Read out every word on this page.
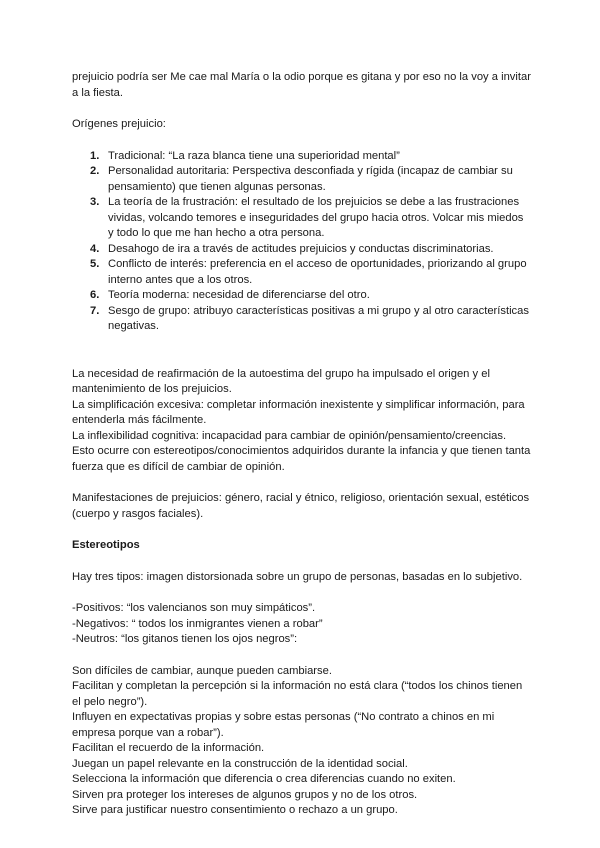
prejuicio podría ser Me cae mal María o la odio porque es gitana y por eso no la voy a invitar

a la fiesta.

Orígenes prejuicio:

1. Tradicional: “La raza blanca tiene una superioridad mental”
2. Personalidad autoritaria: Perspectiva desconfiada y rígida (incapaz de cambiar su pensamiento) que tienen algunas personas.
3. La teoría de la frustración: el resultado de los prejuicios se debe a las frustraciones vividas, volcando temores e inseguridades del grupo hacia otros. Volcar mis miedos y todo lo que me han hecho a otra persona.
4. Desahogo de ira a través de actitudes prejuicios y conductas discriminatorias.
5. Conflicto de interés: preferencia en el acceso de oportunidades, priorizando al grupo interno antes que a los otros.
6. Teoría moderna: necesidad de diferenciarse del otro.
7. Sesgo de grupo: atribuyo características positivas a mi grupo y al otro características negativas.

La necesidad de reafirmación de la autoestima del grupo ha impulsado el origen y el mantenimiento de los prejuicios.

La simplificación excesiva: completar información inexistente y simplificar información, para entenderla más fácilmente.

La inflexibilidad cognitiva: incapacidad para cambiar de opinión/pensamiento/creencias.

Esto ocurre con estereotipos/conocimientos adquiridos durante la infancia y que tienen tanta fuerza que es difícil de cambiar de opinión.

Manifestaciones de prejuicios: género, racial y étnico, religioso, orientación sexual, estéticos (cuerpo y rasgos faciales).

Estereotipos

Hay tres tipos: imagen distorsionada sobre un grupo de personas, basadas en lo subjetivo.

-Positivos: “los valencianos son muy simpáticos”.

-Negativos: “ todos los inmigrantes vienen a robar”

-Neutros: “los gitanos tienen los ojos negros”:

Son difíciles de cambiar, aunque pueden cambiarse.

Facilitan y completan la percepción si la información no está clara (“todos los chinos tienen el pelo negro”).

Influyen en expectativas propias y sobre estas personas (“No contrato a chinos en mi empresa porque van a robar”).

Facilitan el recuerdo de la información.

Juegan un papel relevante en la construcción de la identidad social.

Selecciona la información que diferencia o crea diferencias cuando no exiten.

Sirven pra proteger los intereses de algunos grupos y no de los otros.

Sirve para justificar nuestro consentimiento o rechazo a un grupo.
